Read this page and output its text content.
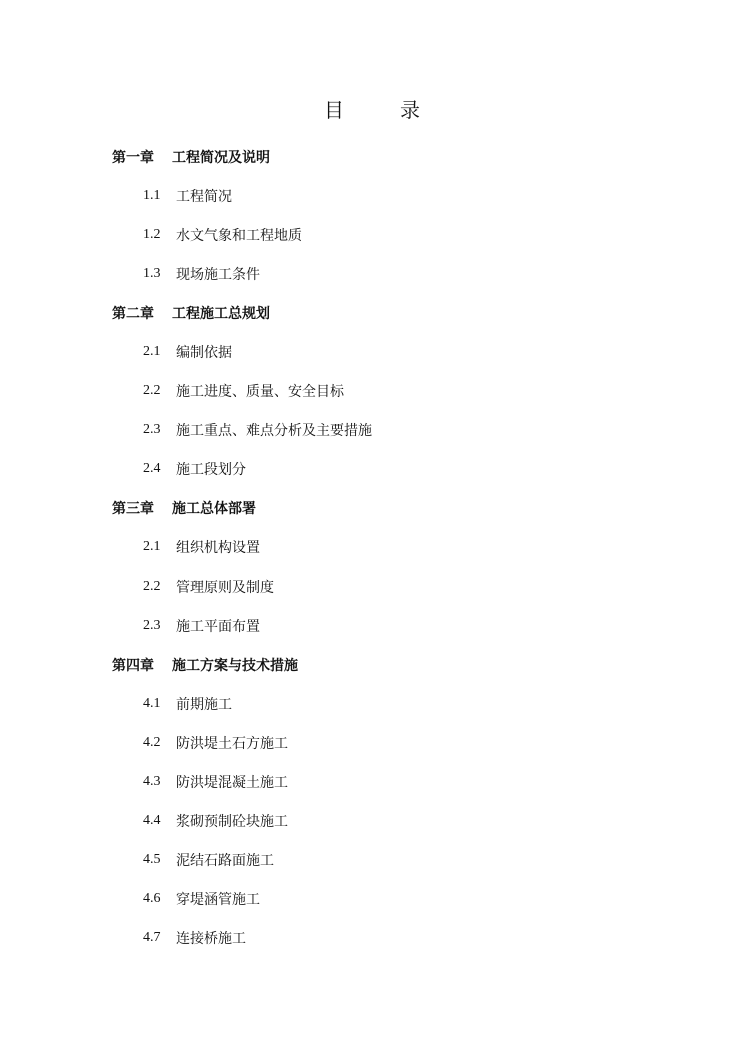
目　录
第一章	工程简况及说明
1.1	工程简况
1.2	水文气象和工程地质
1.3	现场施工条件
第二章	工程施工总规划
2.1	编制依据
2.2	施工进度、质量、安全目标
2.3	施工重点、难点分析及主要措施
2.4	施工段划分
第三章	施工总体部署
2.1	组织机构设置
2.2	管理原则及制度
2.3	施工平面布置
第四章	施工方案与技术措施
4.1	前期施工
4.2	防洪堤土石方施工
4.3	防洪堤混凝土施工
4.4	浆砌预制砼块施工
4.5	泥结石路面施工
4.6	穿堤涵管施工
4.7	连接桥施工
